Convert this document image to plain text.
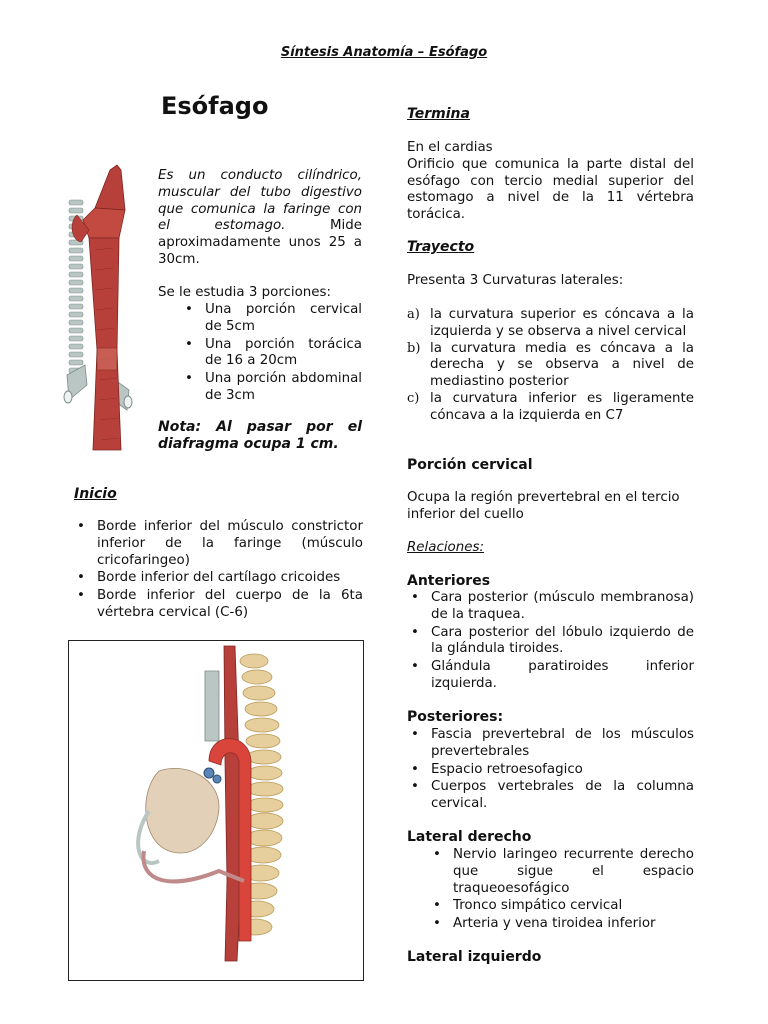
Síntesis Anatomía – Esófago
Esófago
Es un conducto cilíndrico, muscular del tubo digestivo que comunica la faringe con el estomago.	Mide aproximadamente unos 25 a 30cm.
Se le estudia 3 porciones:
• Una porción cervical de 5cm
• Una porción torácica de 16 a 20cm
• Una porción abdominal de 3cm
Nota: Al pasar por el diafragma ocupa 1 cm.
Inicio
• Borde inferior del músculo constrictor inferior de la faringe (músculo cricofaringeo)
• Borde inferior del cartílago cricoides
• Borde inferior del cuerpo de la 6ta vértebra cervical (C-6)
Termina
En el cardias
Orificio que comunica la parte distal del esófago con tercio medial superior del estomago a nivel de la 11 vértebra torácica.
Trayecto
Presenta 3 Curvaturas laterales:
a) la curvatura superior es cóncava a la izquierda y se observa a nivel cervical
b) la curvatura media es cóncava a la derecha y se observa a nivel de mediastino posterior
c) la curvatura inferior es ligeramente cóncava a la izquierda en C7
Porción cervical
Ocupa la región prevertebral en el tercio inferior del cuello
Relaciones:
Anteriores
• Cara posterior (músculo membranosa) de la traquea.
• Cara posterior del lóbulo izquierdo de la glándula tiroides.
• Glándula paratiroides inferior izquierda.
Posteriores:
• Fascia prevertebral de los músculos prevertebrales
• Espacio retroesofagico
• Cuerpos vertebrales de la columna cervical.
Lateral derecho
• Nervio laringeo recurrente derecho que sigue el espacio traqueoesofágico
• Tronco simpático cervical
• Arteria y vena tiroidea inferior
Lateral izquierdo
